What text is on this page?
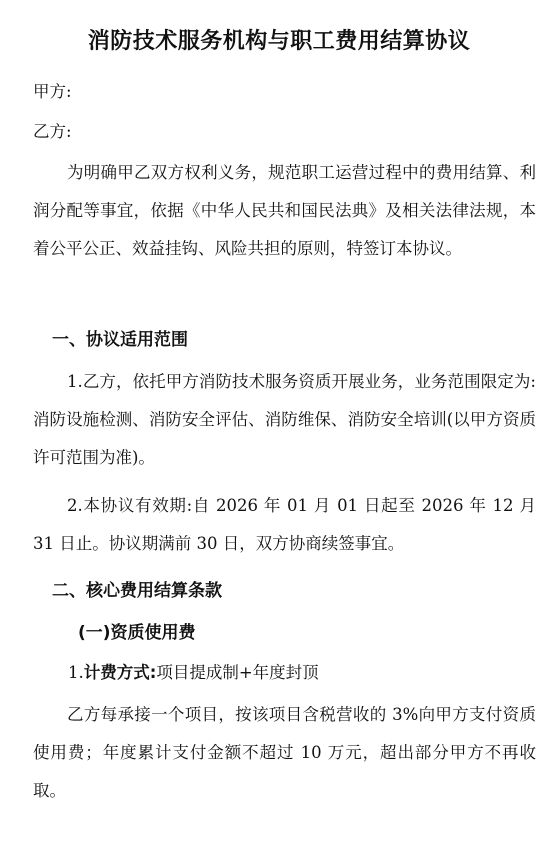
消防技术服务机构与职工费用结算协议
甲方:
乙方:
为明确甲乙双方权利义务，规范职工运营过程中的费用结算、利润分配等事宜，依据《中华人民共和国民法典》及相关法律法规，本着公平公正、效益挂钩、风险共担的原则，特签订本协议。
一、协议适用范围
1.乙方，依托甲方消防技术服务资质开展业务，业务范围限定为:消防设施检测、消防安全评估、消防维保、消防安全培训(以甲方资质许可范围为准)。
2.本协议有效期:自 2026 年 01 月 01 日起至 2026 年 12 月 31 日止。协议期满前 30 日，双方协商续签事宜。
二、核心费用结算条款
(一)资质使用费
1.计费方式:项目提成制+年度封顶
乙方每承接一个项目，按该项目含税营收的 3%向甲方支付资质使用费；年度累计支付金额不超过 10 万元，超出部分甲方不再收取。
